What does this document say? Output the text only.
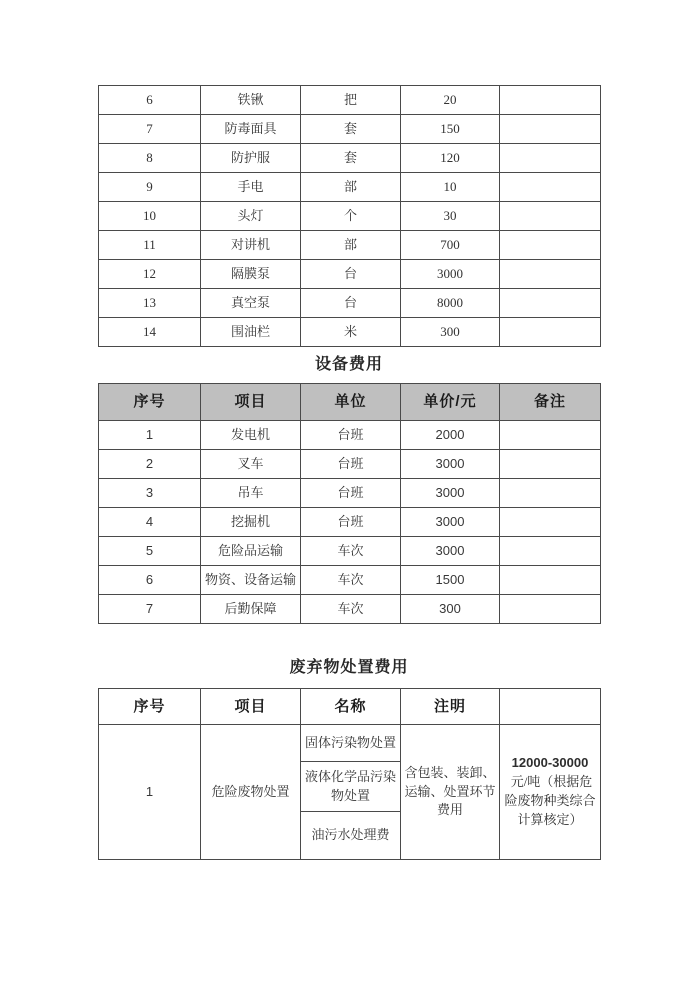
6	铁锹	把	20	
7	防毒面具	套	150	
8	防护服	套	120	
9	手电	部	10	
10	头灯	个	30	
11	对讲机	部	700	
12	隔膜泵	台	3000	
13	真空泵	台	8000	
14	围油栏	米	300	
设备费用
序号	项目	单位	单价/元	备注
1	发电机	台班	2000	
2	叉车	台班	3000	
3	吊车	台班	3000	
4	挖掘机	台班	3000	
5	危险品运输	车次	3000	
6	物资、设备运输	车次	1500	
7	后勤保障	车次	300	
废弃物处置费用
序号	项目	名称	注明	
1	危险废物处置	固体污染物处置	含包装、装卸、运输、处置环节费用	12000-30000元/吨（根据危险废物种类综合计算核定）
		液体化学品污染物处置		
		油污水处理费		
